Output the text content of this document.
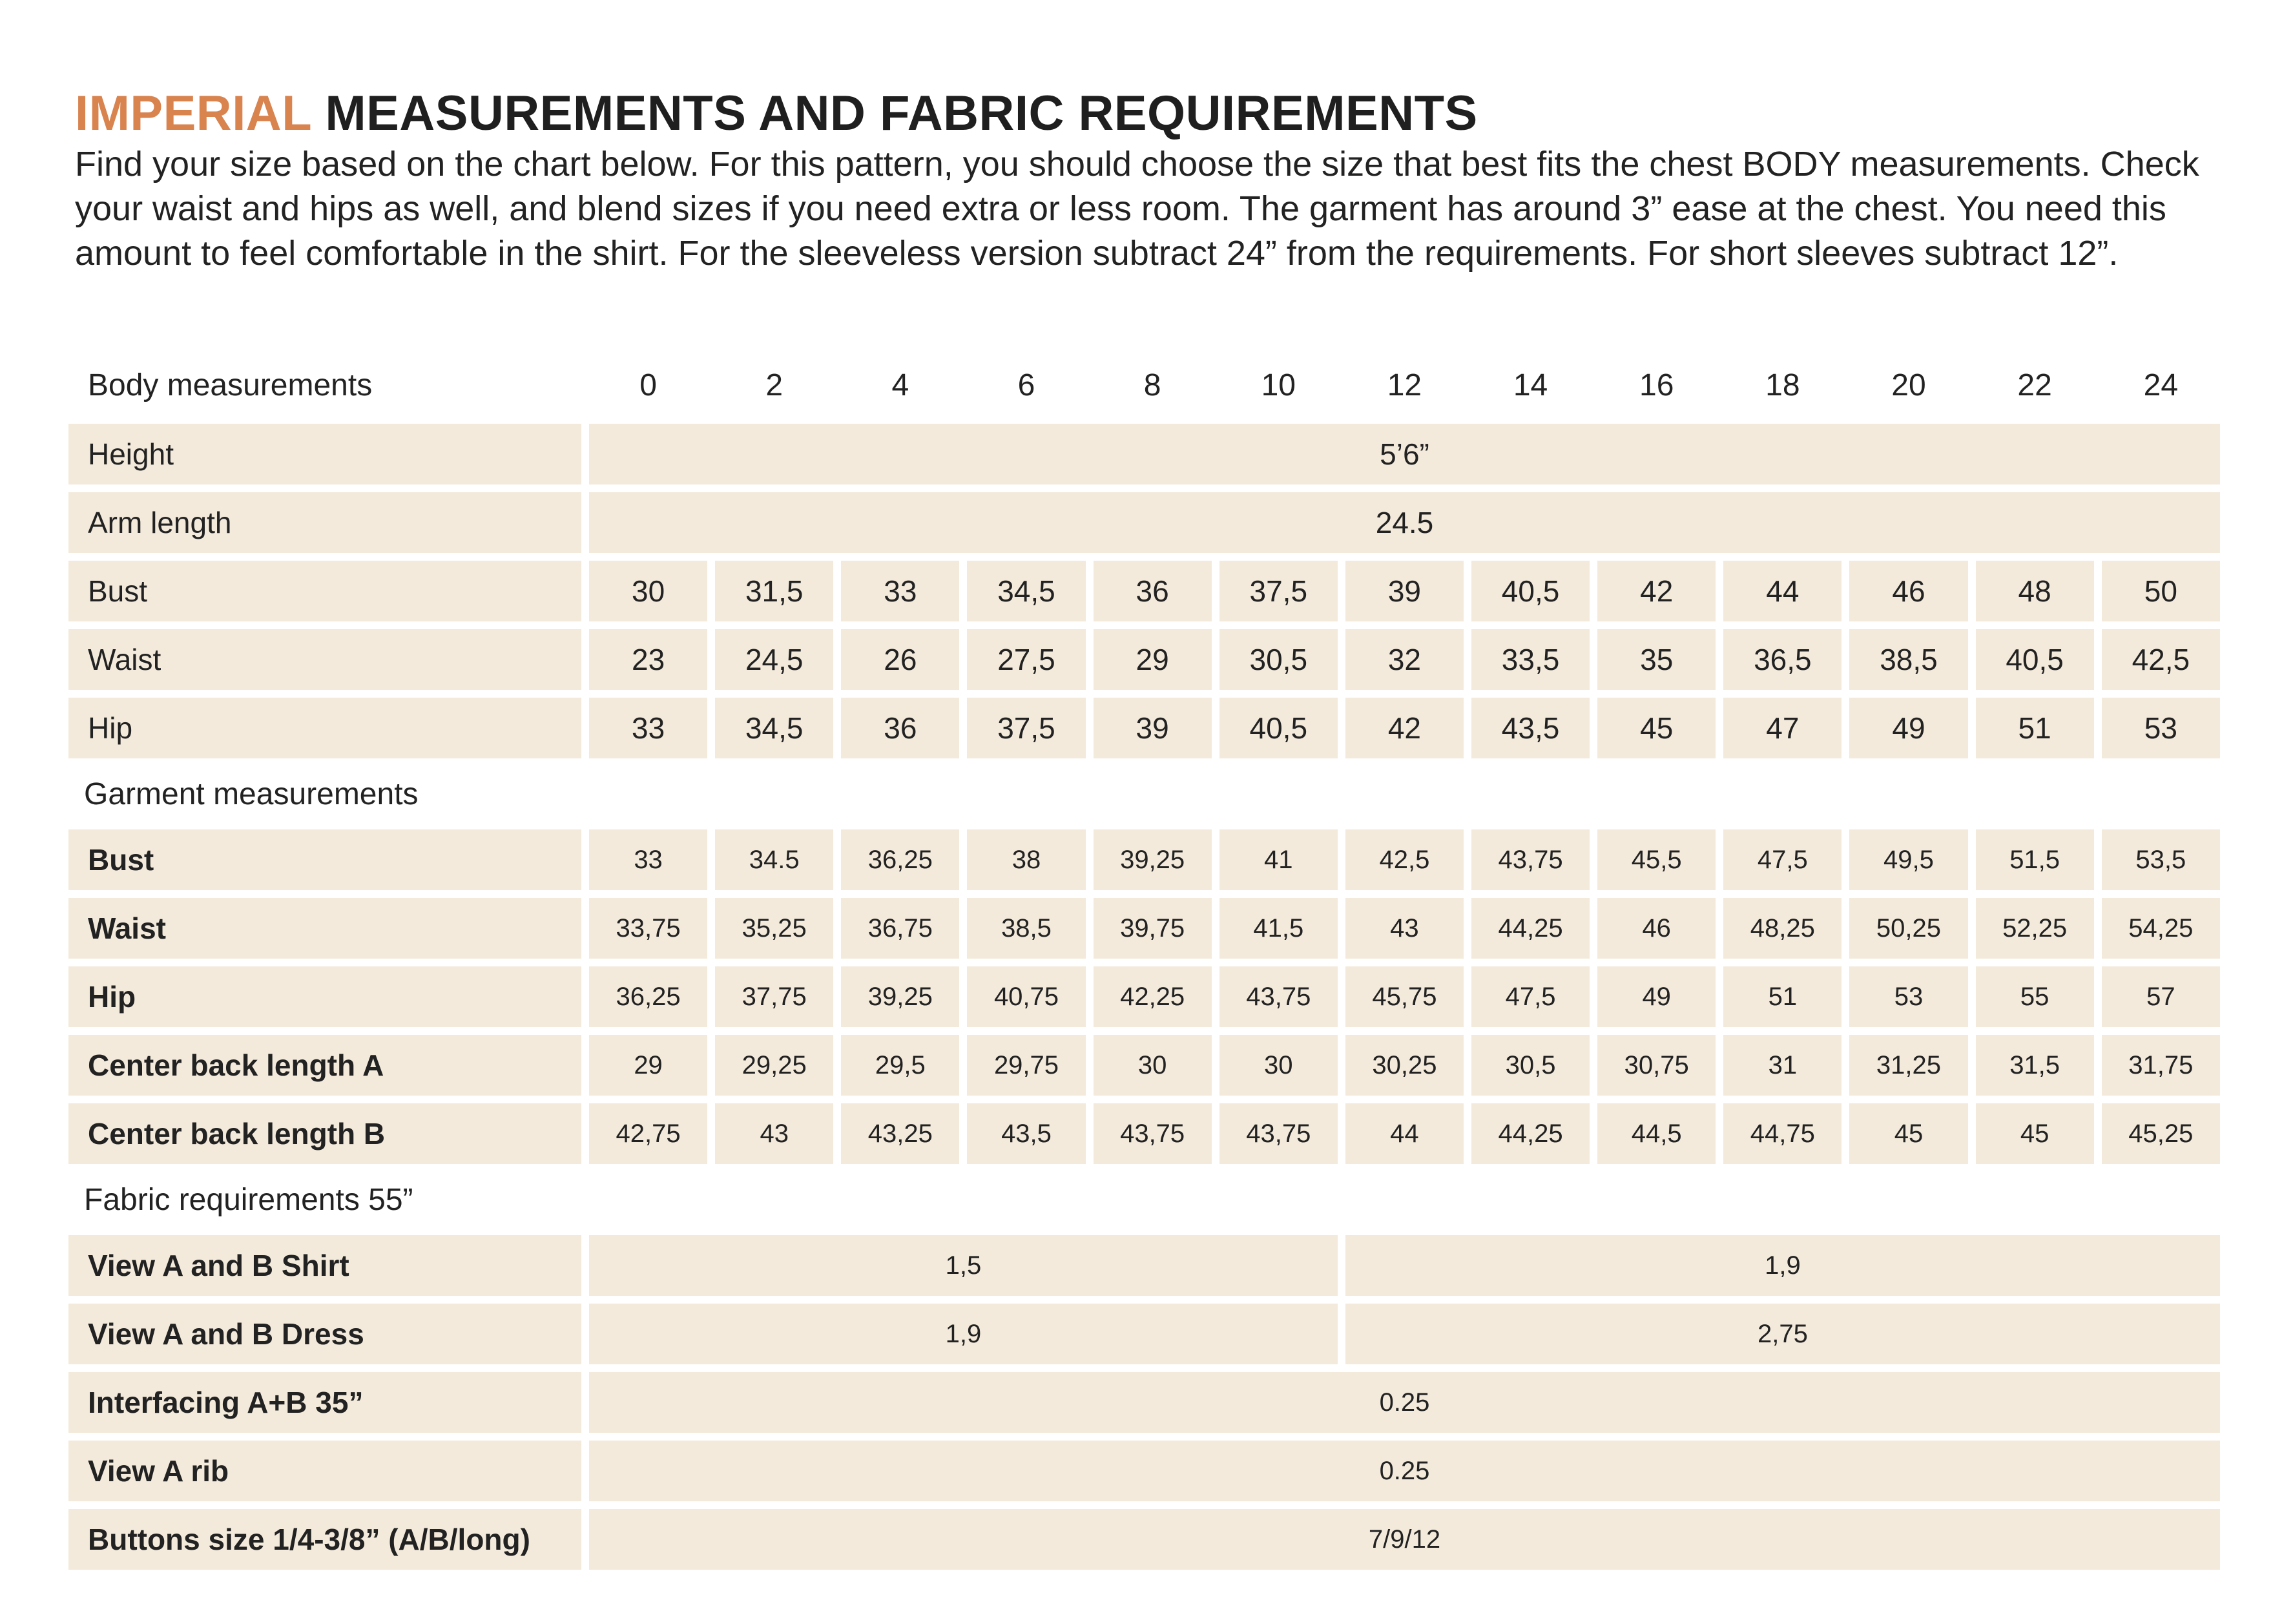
IMPERIAL MEASUREMENTS AND FABRIC REQUIREMENTS

Find your size based on the chart below. For this pattern, you should choose the size that best fits the chest BODY measurements. Check your waist and hips as well, and blend sizes if you need extra or less room. The garment has around 3” ease at the chest. You need this amount to feel comfortable in the shirt. For the sleeveless version subtract 24” from the requirements. For short sleeves subtract 12”.

Body measurements	0	2	4	6	8	10	12	14	16	18	20	22	24
Height	5’6”												
Arm length	24.5												
Bust	30	31,5	33	34,5	36	37,5	39	40,5	42	44	46	48	50
Waist	23	24,5	26	27,5	29	30,5	32	33,5	35	36,5	38,5	40,5	42,5
Hip	33	34,5	36	37,5	39	40,5	42	43,5	45	47	49	51	53
Garment measurements													
Bust	33	34.5	36,25	38	39,25	41	42,5	43,75	45,5	47,5	49,5	51,5	53,5
Waist	33,75	35,25	36,75	38,5	39,75	41,5	43	44,25	46	48,25	50,25	52,25	54,25
Hip	36,25	37,75	39,25	40,75	42,25	43,75	45,75	47,5	49	51	53	55	57
Center back length A	29	29,25	29,5	29,75	30	30	30,25	30,5	30,75	31	31,25	31,5	31,75
Center back length B	42,75	43	43,25	43,5	43,75	43,75	44	44,25	44,5	44,75	45	45	45,25
Fabric requirements 55”													
View A and B Shirt	1,5						1,9						
View A and B Dress	1,9						2,75						
Interfacing A+B 35”	0.25												
View A rib	0.25												
Buttons size 1/4-3/8” (A/B/long)	7/9/12												
